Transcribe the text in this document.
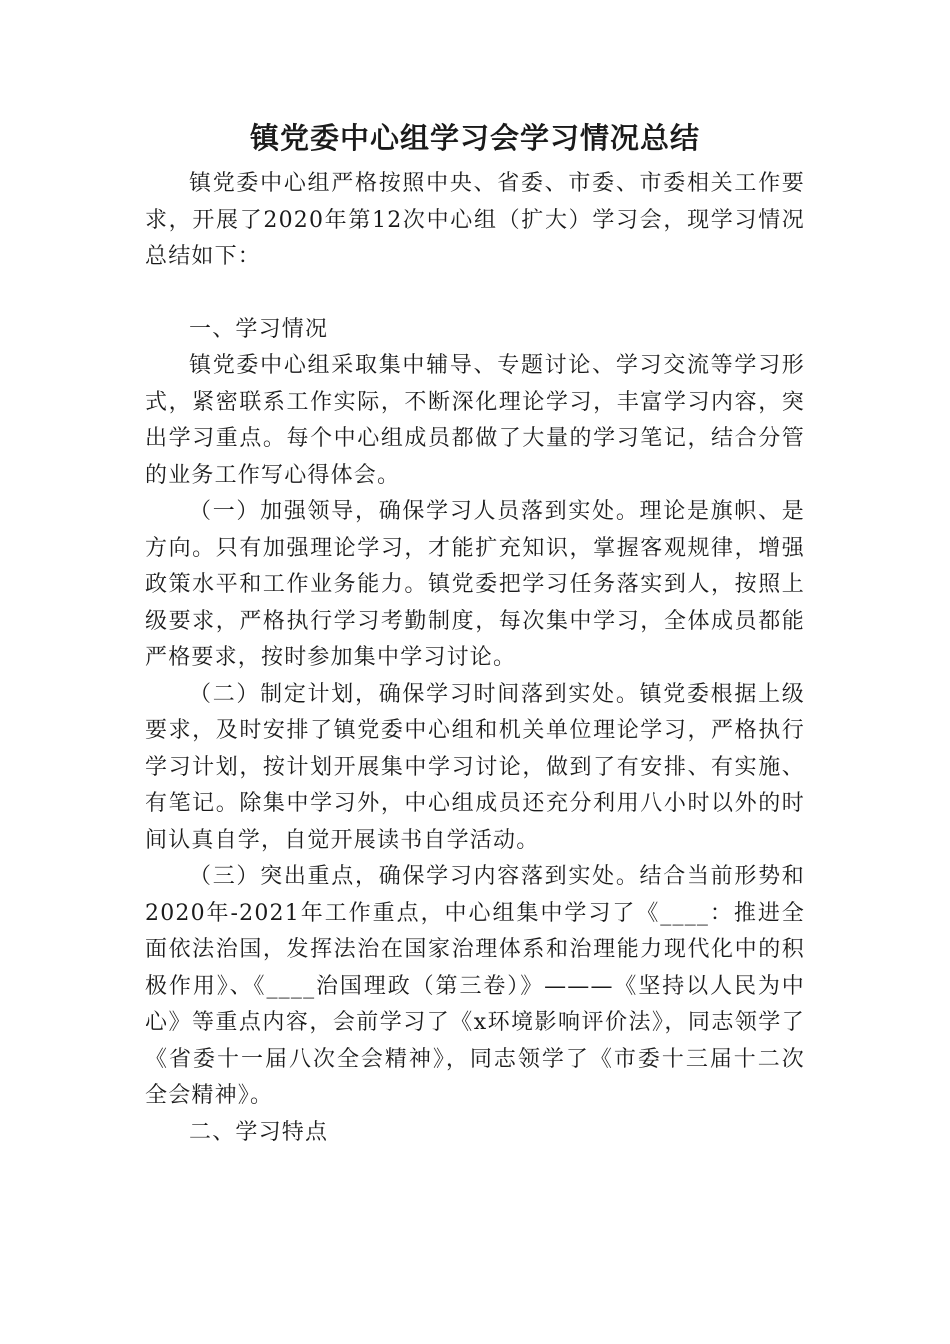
镇党委中心组学习会学习情况总结

镇党委中心组严格按照中央、省委、市委、市委相关工作要求，开展了2020年第12次中心组（扩大）学习会，现学习情况总结如下：

一、学习情况

镇党委中心组采取集中辅导、专题讨论、学习交流等学习形式，紧密联系工作实际，不断深化理论学习，丰富学习内容，突出学习重点。每个中心组成员都做了大量的学习笔记，结合分管的业务工作写心得体会。

（一）加强领导，确保学习人员落到实处。理论是旗帜、是方向。只有加强理论学习，才能扩充知识，掌握客观规律，增强政策水平和工作业务能力。镇党委把学习任务落实到人，按照上级要求，严格执行学习考勤制度，每次集中学习，全体成员都能严格要求，按时参加集中学习讨论。

（二）制定计划，确保学习时间落到实处。镇党委根据上级要求，及时安排了镇党委中心组和机关单位理论学习，严格执行学习计划，按计划开展集中学习讨论，做到了有安排、有实施、有笔记。除集中学习外，中心组成员还充分利用八小时以外的时间认真自学，自觉开展读书自学活动。

（三）突出重点，确保学习内容落到实处。结合当前形势和2020年-2021年工作重点，中心组集中学习了《____：推进全面依法治国，发挥法治在国家治理体系和治理能力现代化中的积极作用》、《____治国理政（第三卷）》———《坚持以人民为中心》等重点内容，会前学习了《x环境影响评价法》，同志领学了《省委十一届八次全会精神》，同志领学了《市委十三届十二次全会精神》。

二、学习特点
